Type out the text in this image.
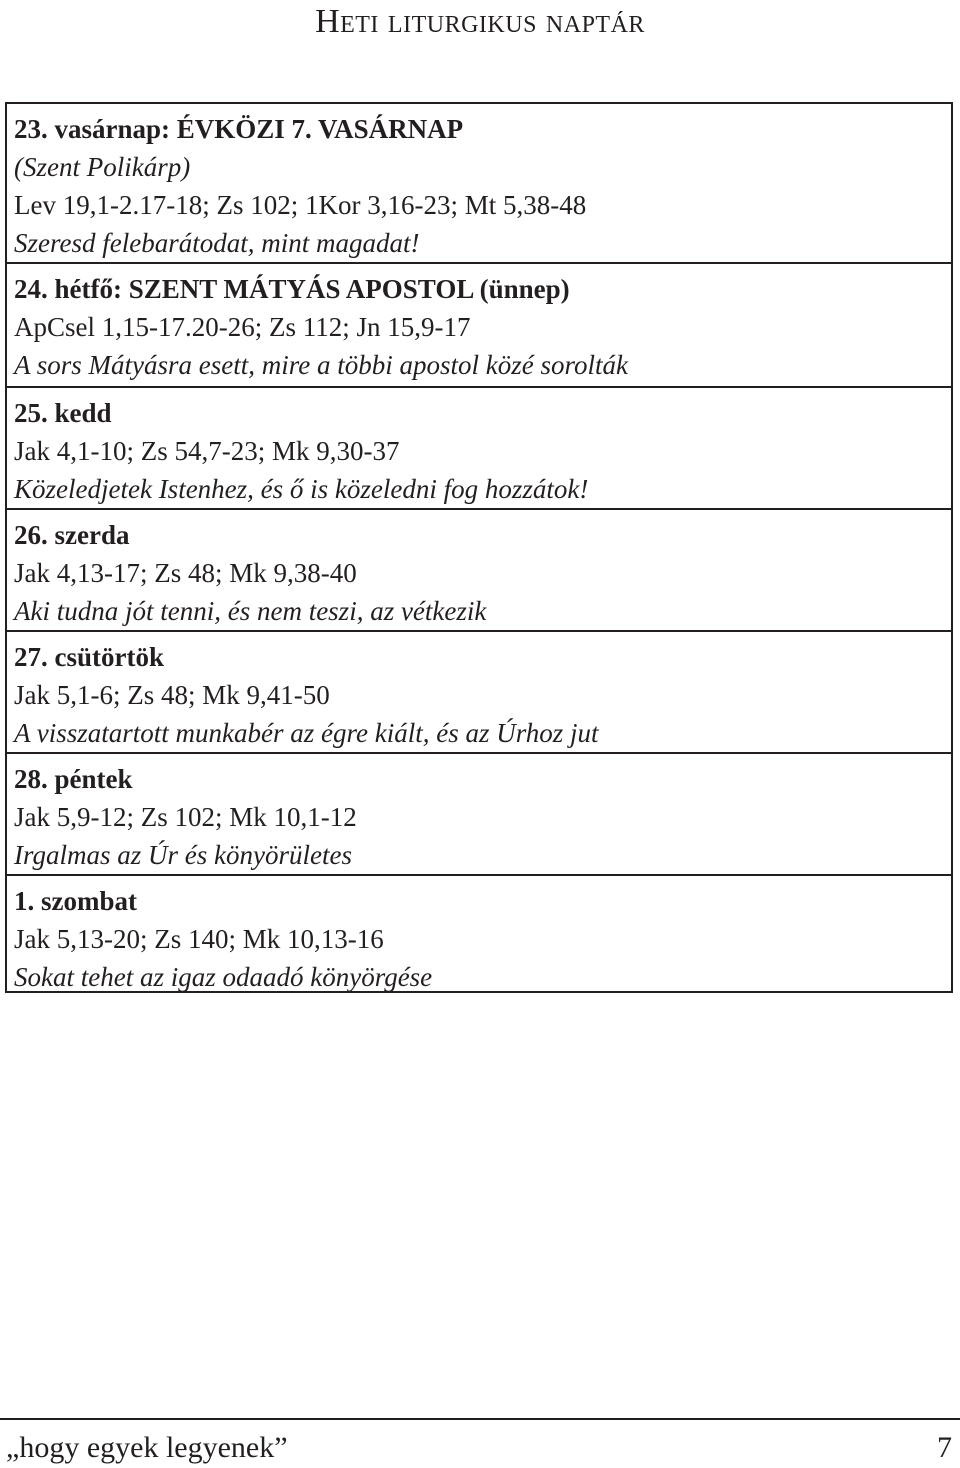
Heti liturgikus naptár
23. vasárnap: ÉVKÖZI 7. VASÁRNAP
(Szent Polikárp)
Lev 19,1-2.17-18; Zs 102; 1Kor 3,16-23; Mt 5,38-48
Szeresd felebarátodat, mint magadat!
24. hétfő: SZENT MÁTYÁS APOSTOL (ünnep)
ApCsel 1,15-17.20-26; Zs 112; Jn 15,9-17
A sors Mátyásra esett, mire a többi apostol közé sorolták
25. kedd
Jak 4,1-10; Zs 54,7-23; Mk 9,30-37
Közeledjetek Istenhez, és ő is közeledni fog hozzátok!
26. szerda
Jak 4,13-17; Zs 48; Mk 9,38-40
Aki tudna jót tenni, és nem teszi, az vétkezik
27. csütörtök
Jak 5,1-6; Zs 48; Mk 9,41-50
A visszatartott munkabér az égre kiált, és az Úrhoz jut
28. péntek
Jak 5,9-12; Zs 102; Mk 10,1-12
Irgalmas az Úr és könyörületes
1. szombat
Jak 5,13-20; Zs 140; Mk 10,13-16
Sokat tehet az igaz odaadó könyörgése
„hogy egyek legyenek”	7
